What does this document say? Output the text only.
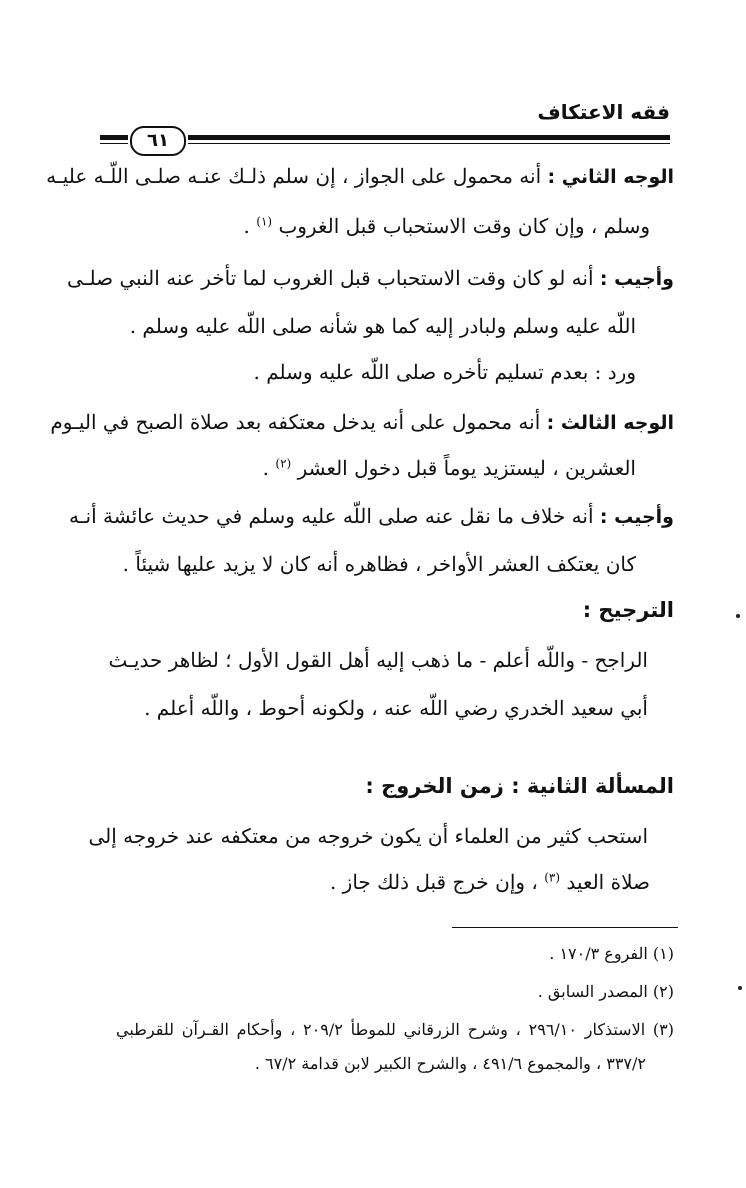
فقه الاعتكاف
٦١
الوجه الثاني : أنه محمول على الجواز ، إن سلم ذلـك عنـه صلـى اللّـه عليـه
وسلم ، وإن كان وقت الاستحباب قبل الغروب $^{(١)}$ .
وأجيب : أنه لو كان وقت الاستحباب قبل الغروب لما تأخر عنه النبي صلـى
اللّه عليه وسلم ولبادر إليه كما هو شأنه صلى اللّه عليه وسلم .
ورد : بعدم تسليم تأخره صلى اللّه عليه وسلم .
الوجه الثالث : أنه محمول على أنه يدخل معتكفه بعد صلاة الصبح في اليـوم
العشرين ، ليستزيد يوماً قبل دخول العشر $^{(٢)}$ .
وأجيب : أنه خلاف ما نقل عنه صلى اللّه عليه وسلم في حديث عائشة أنـه
كان يعتكف العشر الأواخر ، فظاهره أنه كان لا يزيد عليها شيئاً .
الترجيح :
الراجح - واللّه أعلم - ما ذهب إليه أهل القول الأول ؛ لظاهر حديـث
أبي سعيد الخدري رضي اللّه عنه ، ولكونه أحوط ، واللّه أعلم .
المسألة الثانية : زمن الخروج :
استحب كثير من العلماء أن يكون خروجه من معتكفه عند خروجه إلى
صلاة العيد $^{(٣)}$ ، وإن خرج قبل ذلك جاز .
(١) الفروع ١٧٠/٣ .
(٢) المصدر السابق .
(٣) الاستذكار ٢٩٦/١٠ ، وشرح الزرقاني للموطأ ٢٠٩/٢ ، وأحكام القـرآن للقرطبي
٣٣٧/٢ ، والمجموع ٤٩١/٦ ، والشرح الكبير لابن قدامة ٦٧/٢ .
